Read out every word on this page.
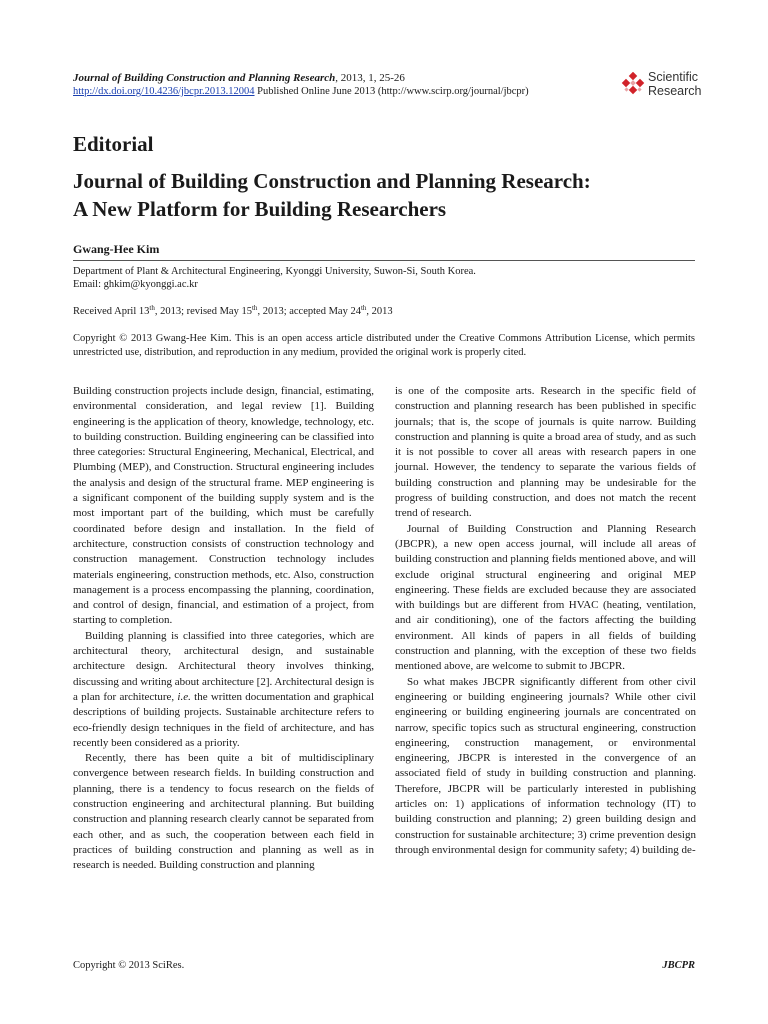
Journal of Building Construction and Planning Research, 2013, 1, 25-26
http://dx.doi.org/10.4236/jbcpr.2013.12004 Published Online June 2013 (http://www.scirp.org/journal/jbcpr)
Scientific
Research
Editorial
Journal of Building Construction and Planning Research:
A New Platform for Building Researchers
Gwang-Hee Kim
Department of Plant & Architectural Engineering, Kyonggi University, Suwon-Si, South Korea.
Email: ghkim@kyonggi.ac.kr
Received April 13th, 2013; revised May 15th, 2013; accepted May 24th, 2013
Copyright © 2013 Gwang-Hee Kim. This is an open access article distributed under the Creative Commons Attribution License, which permits unrestricted use, distribution, and reproduction in any medium, provided the original work is properly cited.

Building construction projects include design, financial, estimating, environmental consideration, and legal review [1]. Building engineering is the application of theory, knowledge, technology, etc. to building construction. Building engineering can be classified into three categories: Structural Engineering, Mechanical, Electrical, and Plumbing (MEP), and Construction. Structural engineering includes the analysis and design of the structural frame. MEP engineering is a significant component of the building supply system and is the most important part of the building, which must be carefully coordinated before design and installation. In the field of architecture, construction consists of construction technology and construction management. Construction technology includes materials engineering, construction methods, etc. Also, construction management is a process encompassing the planning, coordination, and control of design, financial, and estimation of a project, from starting to completion.

Building planning is classified into three categories, which are architectural theory, architectural design, and sustainable architecture design. Architectural theory involves thinking, discussing and writing about architecture [2]. Architectural design is a plan for architecture, i.e. the written documentation and graphical descriptions of building projects. Sustainable architecture refers to eco-friendly design techniques in the field of architecture, and has recently been considered as a priority.

Recently, there has been quite a bit of multidisciplinary convergence between research fields. In building construction and planning, there is a tendency to focus research on the fields of construction engineering and architectural planning. But building construction and planning research clearly cannot be separated from each other, and as such, the cooperation between each field in practices of building construction and planning as well as in research is needed. Building construction and planning

is one of the composite arts. Research in the specific field of construction and planning research has been published in specific journals; that is, the scope of journals is quite narrow. Building construction and planning is quite a broad area of study, and as such it is not possible to cover all areas with research papers in one journal. However, the tendency to separate the various fields of building construction and planning may be undesirable for the progress of building construction, and does not match the recent trend of research.

Journal of Building Construction and Planning Research (JBCPR), a new open access journal, will include all areas of building construction and planning fields mentioned above, and will exclude original structural engineering and original MEP engineering. These fields are excluded because they are associated with buildings but are different from HVAC (heating, ventilation, and air conditioning), one of the factors affecting the building environment. All kinds of papers in all fields of building construction and planning, with the exception of these two fields mentioned above, are welcome to submit to JBCPR.

So what makes JBCPR significantly different from other civil engineering or building engineering journals? While other civil engineering or building engineering journals are concentrated on narrow, specific topics such as structural engineering, construction engineering, construction management, or environmental engineering, JBCPR is interested in the convergence of an associated field of study in building construction and planning. Therefore, JBCPR will be particularly interested in publishing articles on: 1) applications of information technology (IT) to building construction and planning; 2) green building design and construction for sustainable architecture; 3) crime prevention design through environmental design for community safety; 4) building de-

Copyright © 2013 SciRes.	JBCPR
